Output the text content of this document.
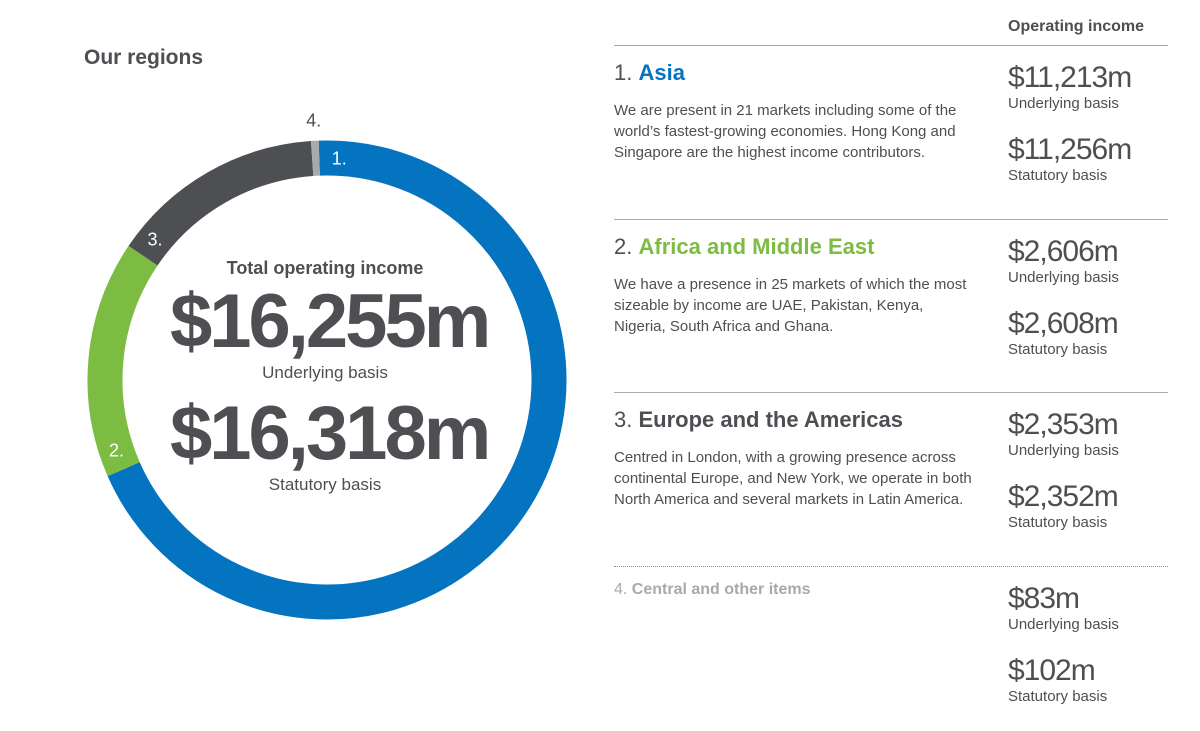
Our regions
1.
2.
3.
4.
Total operating income
$16,255m
Underlying basis
$16,318m
Statutory basis
Operating income
1. Asia
We are present in 21 markets including some of the world’s fastest-growing economies. Hong Kong and Singapore are the highest income contributors.
$11,213m
Underlying basis
$11,256m
Statutory basis
2. Africa and Middle East
We have a presence in 25 markets of which the most sizeable by income are UAE, Pakistan, Kenya, Nigeria, South Africa and Ghana.
$2,606m
Underlying basis
$2,608m
Statutory basis
3. Europe and the Americas
Centred in London, with a growing presence across continental Europe, and New York, we operate in both North America and several markets in Latin America.
$2,353m
Underlying basis
$2,352m
Statutory basis
4. Central and other items	$83m
Underlying basis
$102m
Statutory basis
